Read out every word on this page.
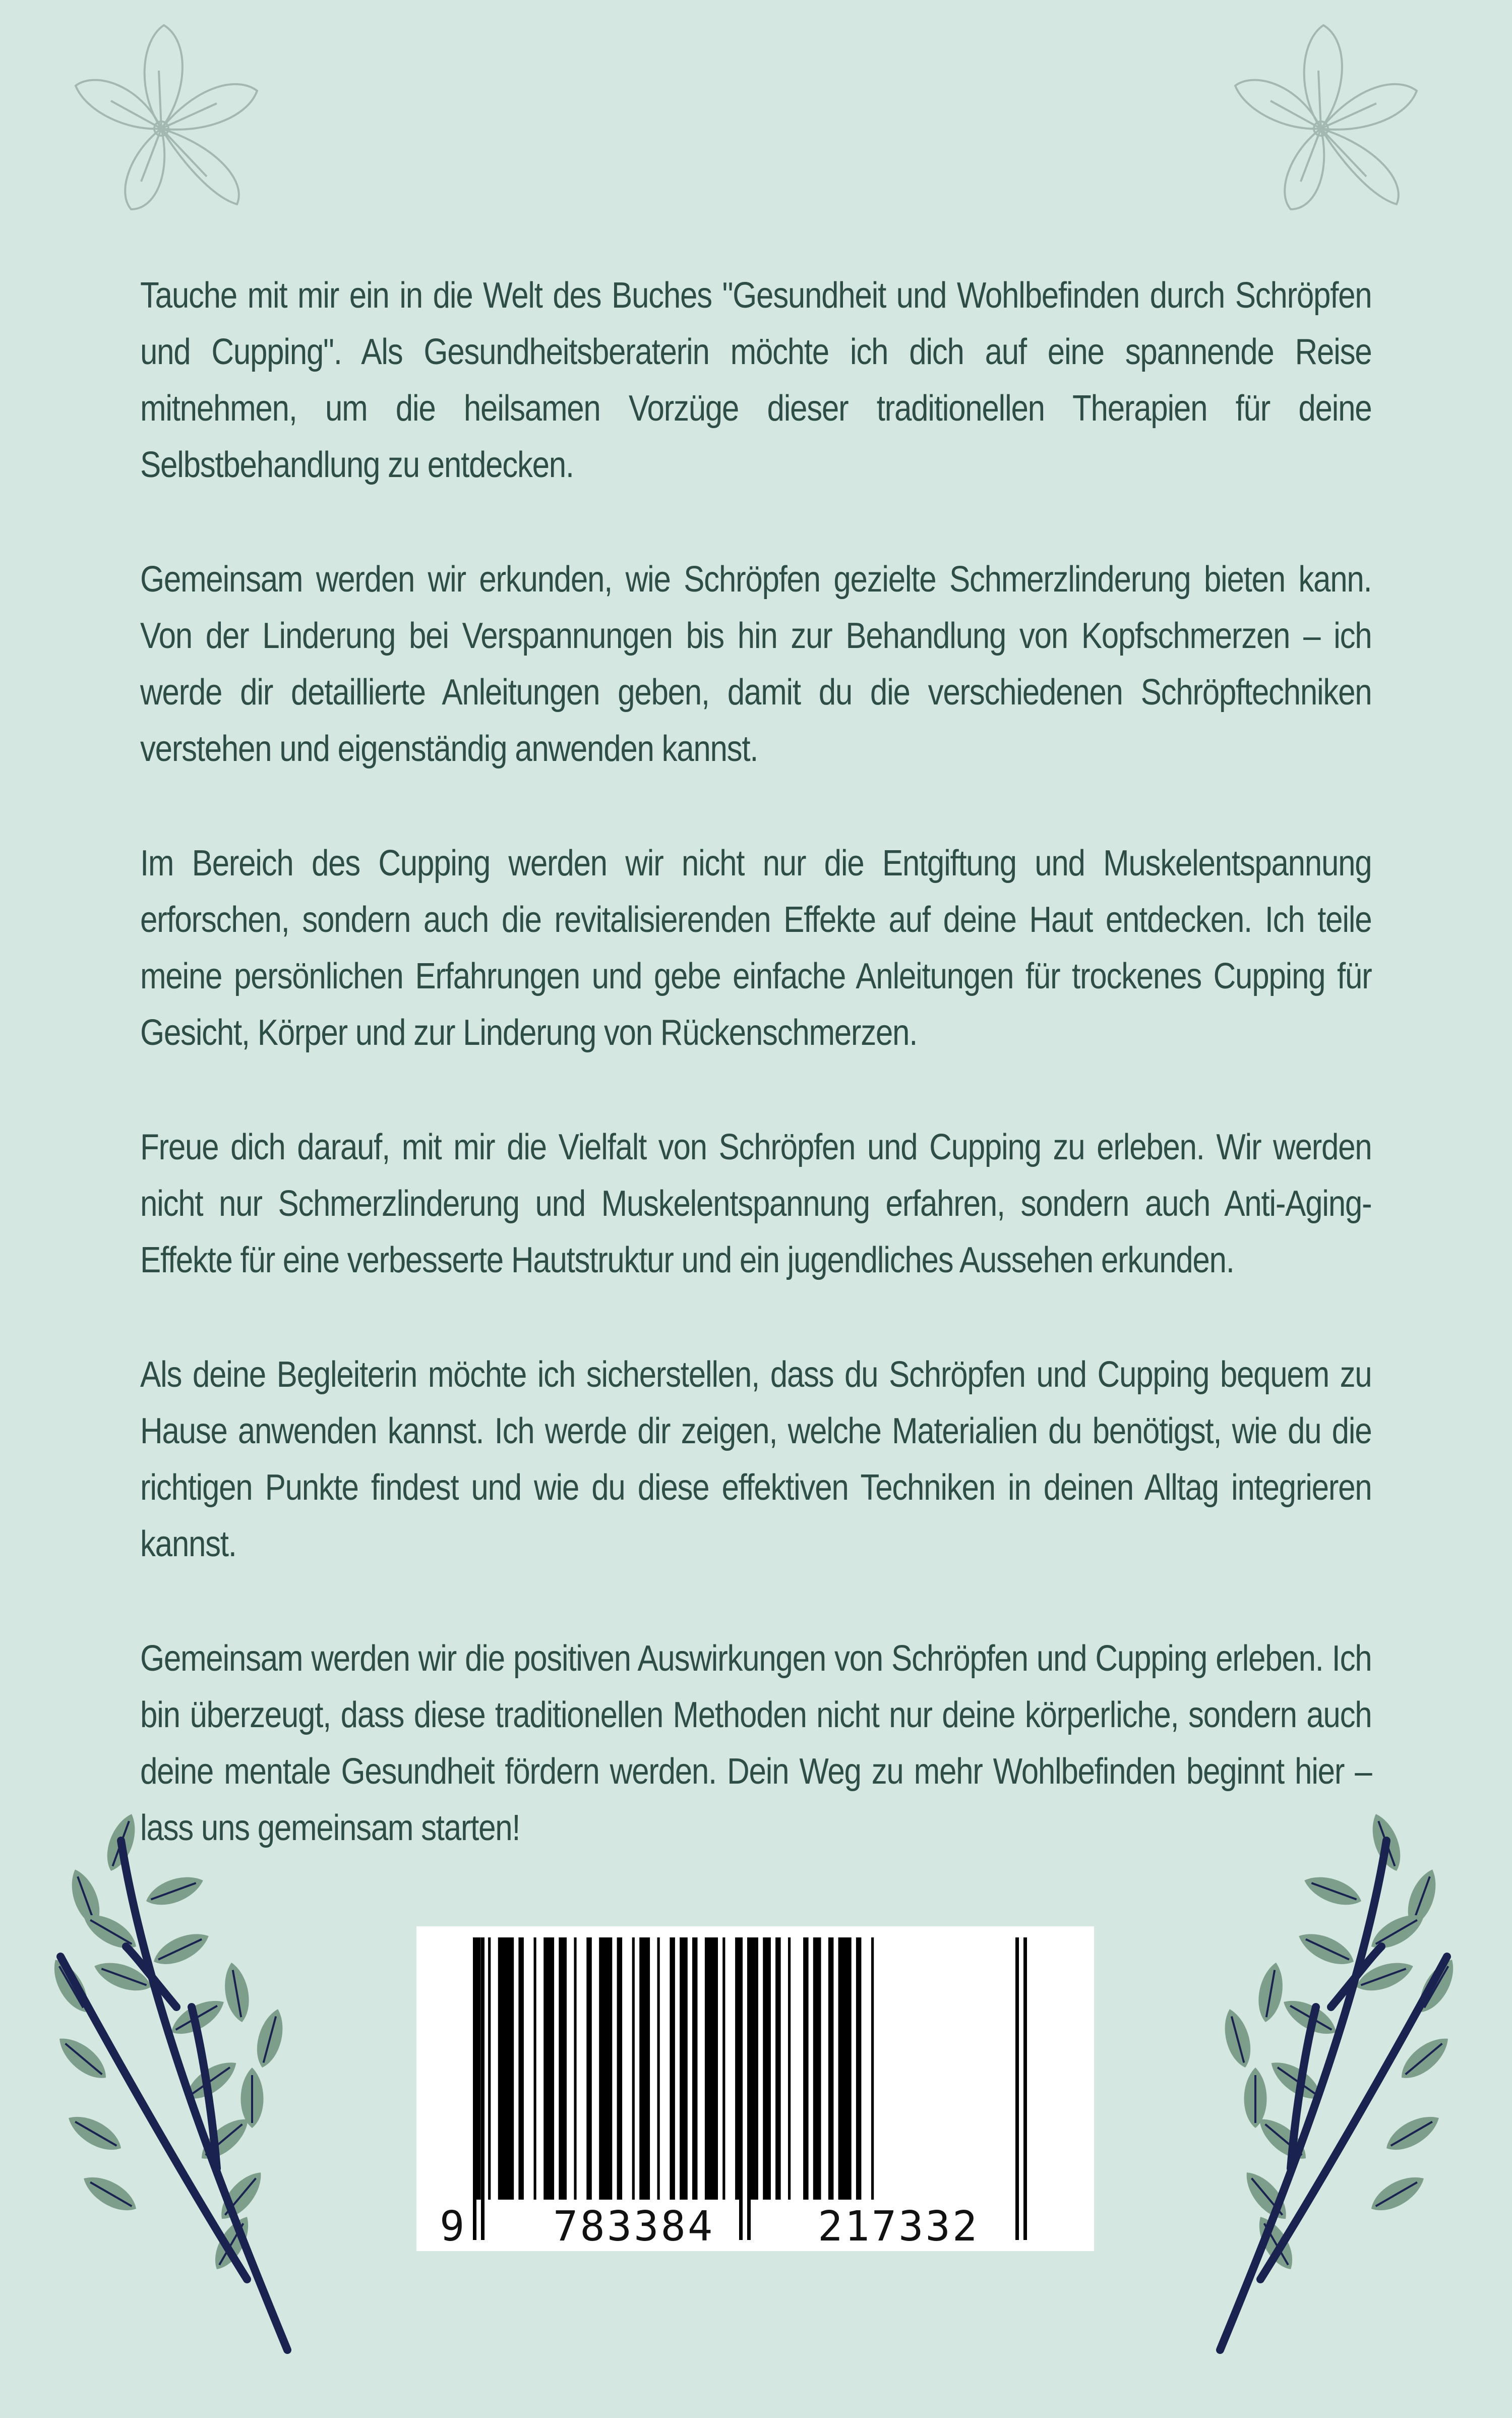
Tauche mit mir ein in die Welt des Buches "Gesundheit und Wohlbefinden durch Schröpfen und Cupping". Als Gesundheitsberaterin möchte ich dich auf eine spannende Reise mitnehmen, um die heilsamen Vorzüge dieser traditionellen Therapien für deine Selbstbehandlung zu entdecken.

Gemeinsam werden wir erkunden, wie Schröpfen gezielte Schmerzlinderung bieten kann. Von der Linderung bei Verspannungen bis hin zur Behandlung von Kopfschmerzen – ich werde dir detaillierte Anleitungen geben, damit du die verschiedenen Schröpftechniken verstehen und eigenständig anwenden kannst.

Im Bereich des Cupping werden wir nicht nur die Entgiftung und Muskelentspannung erforschen, sondern auch die revitalisierenden Effekte auf deine Haut entdecken. Ich teile meine persönlichen Erfahrungen und gebe einfache Anleitungen für trockenes Cupping für Gesicht, Körper und zur Linderung von Rückenschmerzen.

Freue dich darauf, mit mir die Vielfalt von Schröpfen und Cupping zu erleben. Wir werden nicht nur Schmerzlinderung und Muskelentspannung erfahren, sondern auch Anti-Aging-Effekte für eine verbesserte Hautstruktur und ein jugendliches Aussehen erkunden.

Als deine Begleiterin möchte ich sicherstellen, dass du Schröpfen und Cupping bequem zu Hause anwenden kannst. Ich werde dir zeigen, welche Materialien du benötigst, wie du die richtigen Punkte findest und wie du diese effektiven Techniken in deinen Alltag integrieren kannst.

Gemeinsam werden wir die positiven Auswirkungen von Schröpfen und Cupping erleben. Ich bin überzeugt, dass diese traditionellen Methoden nicht nur deine körperliche, sondern auch deine mentale Gesundheit fördern werden. Dein Weg zu mehr Wohlbefinden beginnt hier – lass uns gemeinsam starten!

9 783384 217332
